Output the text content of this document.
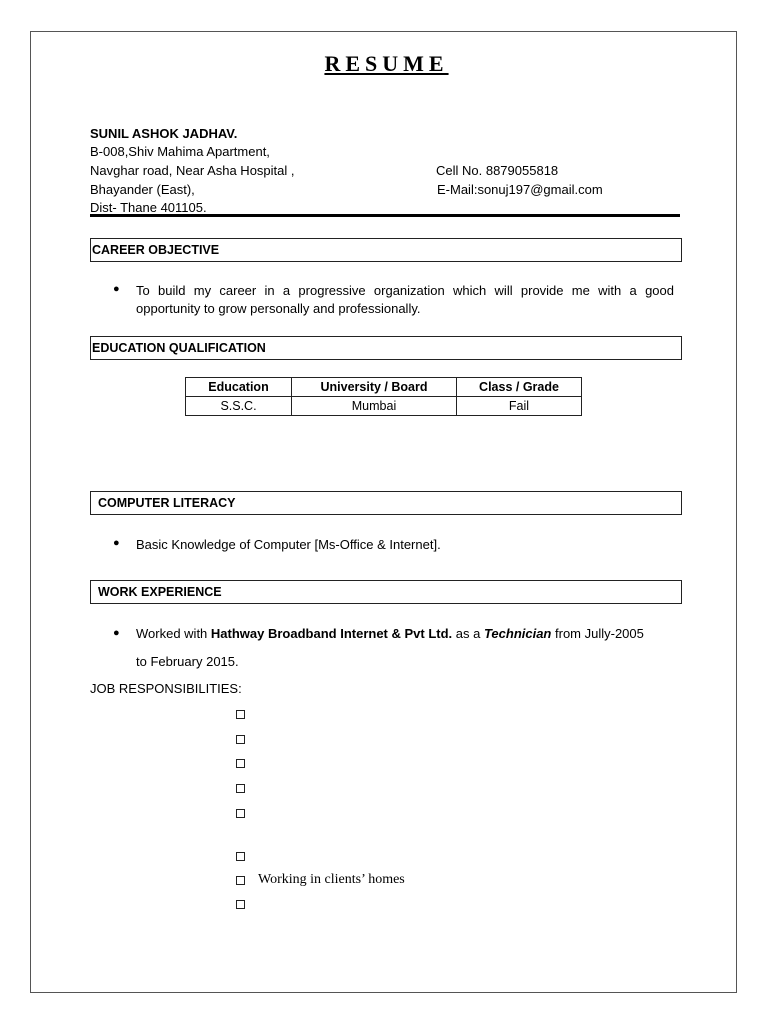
RESUME
SUNIL ASHOK JADHAV.
B-008,Shiv Mahima Apartment,
Navghar road, Near Asha Hospital ,
Bhayander (East),
Dist- Thane 401105.
Cell No. 8879055818
E-Mail:sonuj197@gmail.com
CAREER OBJECTIVE
● To build my career in a progressive organization which will provide me with a good
opportunity to grow personally and professionally.
EDUCATION QUALIFICATION
Education	University / Board	Class / Grade
S.S.C.	Mumbai	Fail
COMPUTER LITERACY
● Basic Knowledge of Computer [Ms-Office & Internet].
WORK EXPERIENCE
● Worked with Hathway Broadband Internet & Pvt Ltd. as a Technician from Jully-2005
to February 2015.
JOB RESPONSIBILITIES:
Working in clients’ homes
